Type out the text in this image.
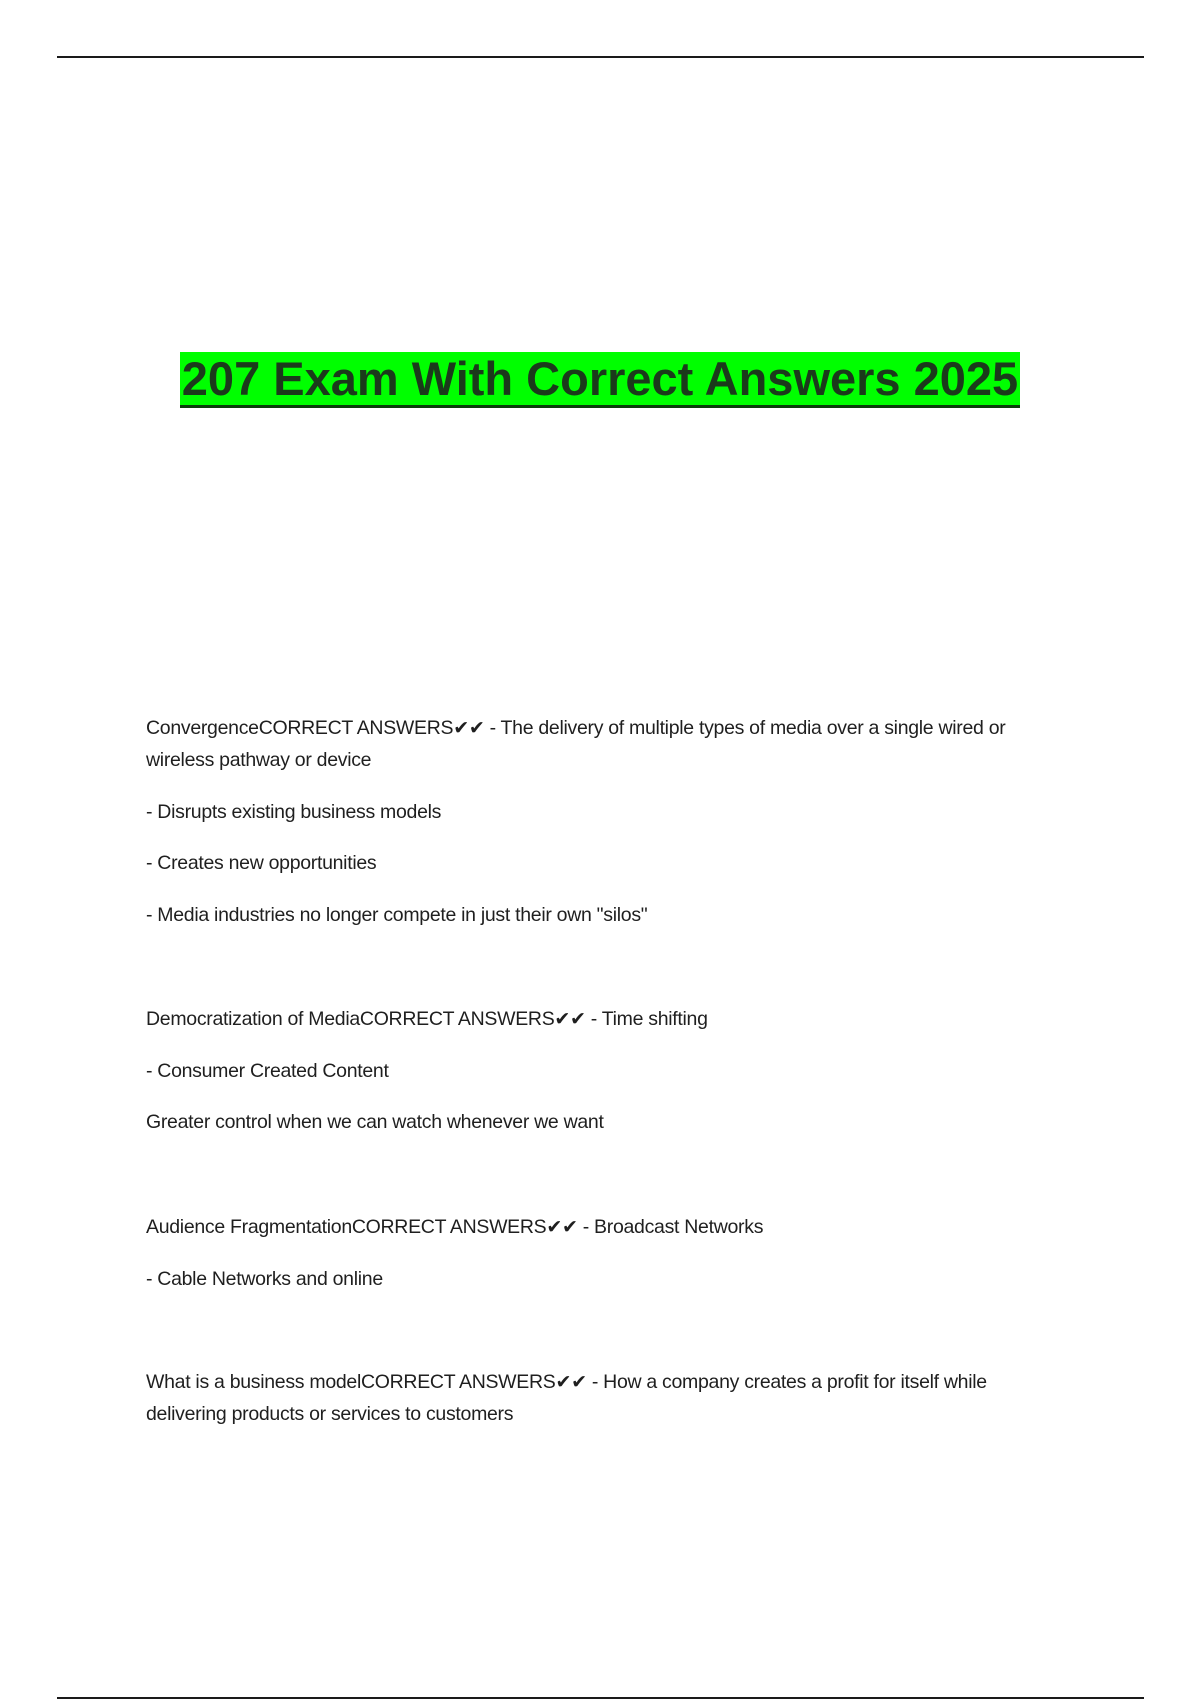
207 Exam With Correct Answers 2025

ConvergenceCORRECT ANSWERS✔✔ - The delivery of multiple types of media over a single wired or wireless pathway or device

- Disrupts existing business models

- Creates new opportunities

- Media industries no longer compete in just their own "silos"

Democratization of MediaCORRECT ANSWERS✔✔ - Time shifting

- Consumer Created Content

Greater control when we can watch whenever we want

Audience FragmentationCORRECT ANSWERS✔✔ - Broadcast Networks

- Cable Networks and online

What is a business modelCORRECT ANSWERS✔✔ - How a company creates a profit for itself while delivering products or services to customers
